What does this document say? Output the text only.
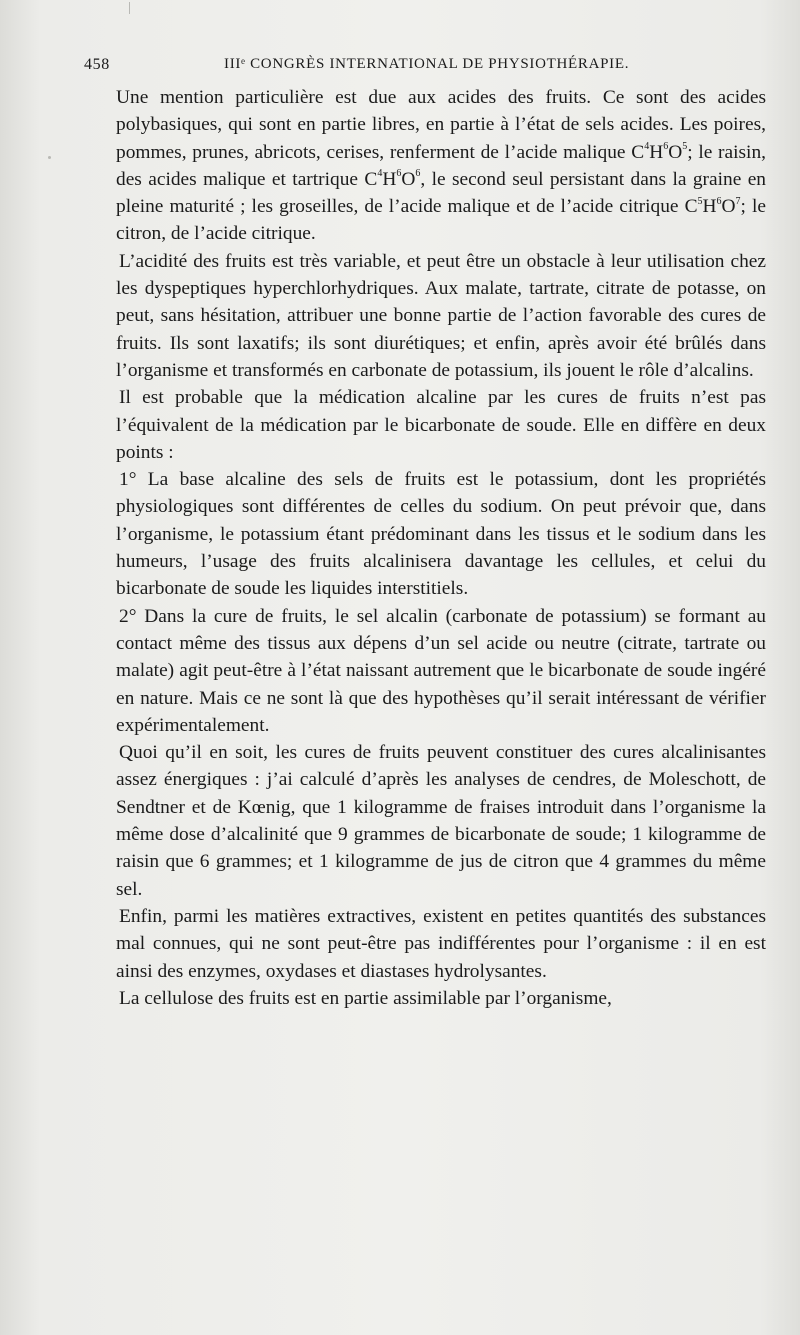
458	IIIᵉ CONGRÈS INTERNATIONAL DE PHYSIOTHÉRAPIE.

Une mention particulière est due aux acides des fruits. Ce sont des acides polybasiques, qui sont en partie libres, en partie à l’état de sels acides. Les poires, pommes, prunes, abricots, cerises, renferment de l’acide malique $C^4H^6O^5$; le raisin, des acides malique et tartrique $C^4H^6O^6$, le second seul persistant dans la graine en pleine maturité ; les groseilles, de l’acide malique et de l’acide citrique $C^5H^6O^7$; le citron, de l’acide citrique.

L’acidité des fruits est très variable, et peut être un obstacle à leur utilisation chez les dyspeptiques hyperchlorhydriques. Aux malate, tartrate, citrate de potasse, on peut, sans hésitation, attribuer une bonne partie de l’action favorable des cures de fruits. Ils sont laxatifs; ils sont diurétiques; et enfin, après avoir été brûlés dans l’organisme et transformés en carbonate de potassium, ils jouent le rôle d’alcalins.

Il est probable que la médication alcaline par les cures de fruits n’est pas l’équivalent de la médication par le bicarbonate de soude. Elle en diffère en deux points :

1° La base alcaline des sels de fruits est le potassium, dont les propriétés physiologiques sont différentes de celles du sodium. On peut prévoir que, dans l’organisme, le potassium étant prédominant dans les tissus et le sodium dans les humeurs, l’usage des fruits alcalinisera davantage les cellules, et celui du bicarbonate de soude les liquides interstitiels.

2° Dans la cure de fruits, le sel alcalin (carbonate de potassium) se formant au contact même des tissus aux dépens d’un sel acide ou neutre (citrate, tartrate ou malate) agit peut-être à l’état naissant autrement que le bicarbonate de soude ingéré en nature. Mais ce ne sont là que des hypothèses qu’il serait intéressant de vérifier expérimentalement.

Quoi qu’il en soit, les cures de fruits peuvent constituer des cures alcalinisantes assez énergiques : j’ai calculé d’après les analyses de cendres, de Moleschott, de Sendtner et de Kœnig, que 1 kilogramme de fraises introduit dans l’organisme la même dose d’alcalinité que 9 grammes de bicarbonate de soude; 1 kilogramme de raisin que 6 grammes; et 1 kilogramme de jus de citron que 4 grammes du même sel.

Enfin, parmi les matières extractives, existent en petites quantités des substances mal connues, qui ne sont peut-être pas indifférentes pour l’organisme : il en est ainsi des enzymes, oxydases et diastases hydrolysantes.

La cellulose des fruits est en partie assimilable par l’organisme,
